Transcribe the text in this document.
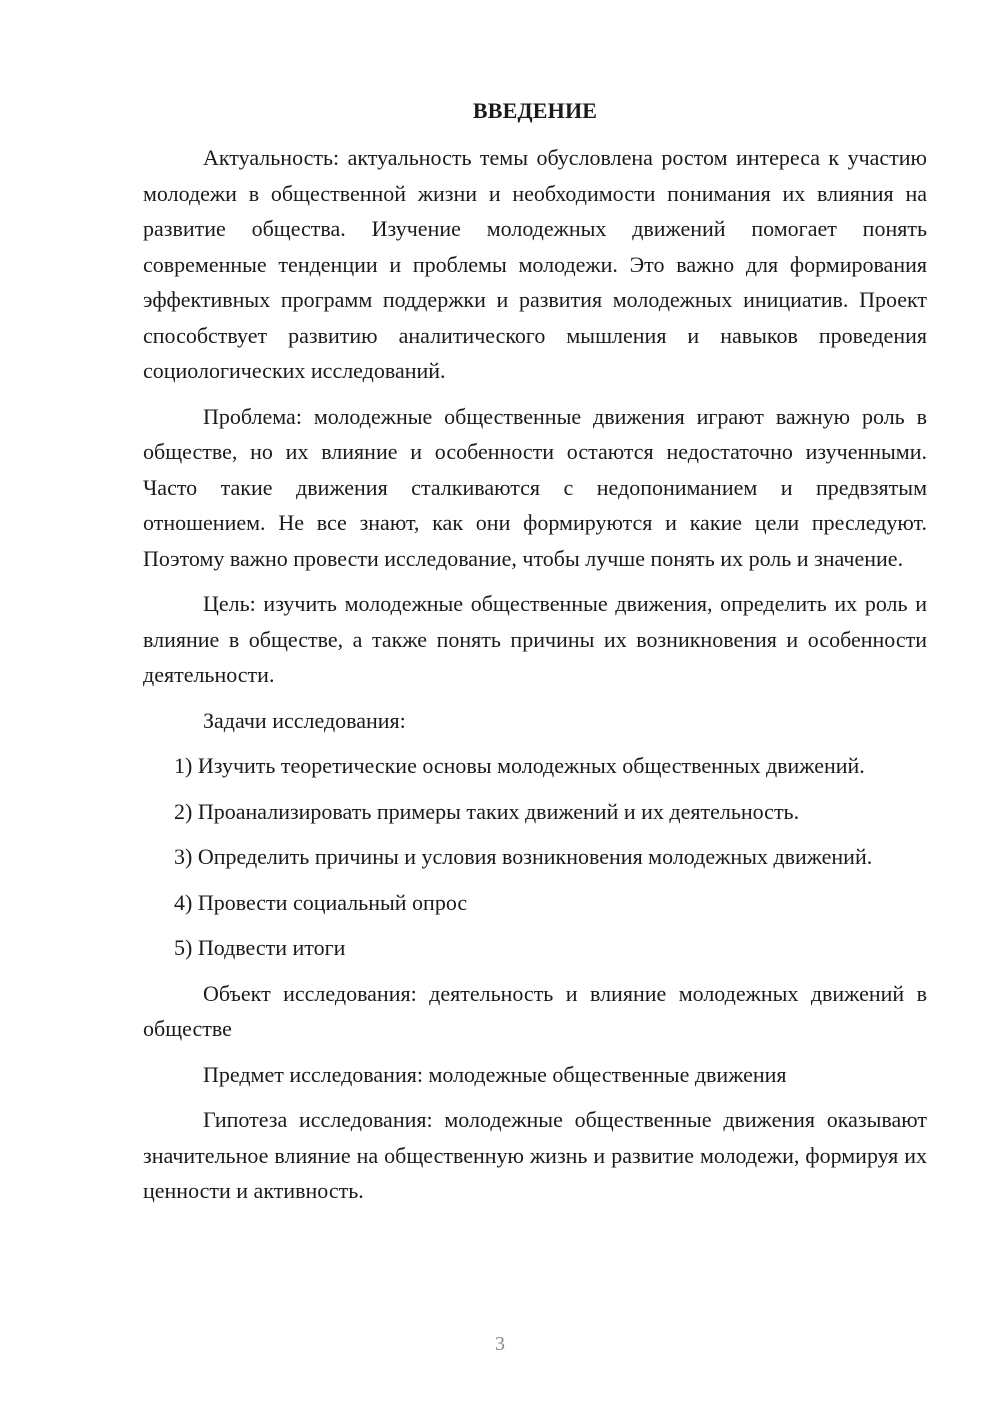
ВВЕДЕНИЕ

Актуальность: актуальность темы обусловлена ростом интереса к участию молодежи в общественной жизни и необходимости понимания их влияния на развитие общества. Изучение молодежных движений помогает понять современные тенденции и проблемы молодежи. Это важно для формирования эффективных программ поддержки и развития молодежных инициатив. Проект способствует развитию аналитического мышления и навыков проведения социологических исследований.

Проблема: молодежные общественные движения играют важную роль в обществе, но их влияние и особенности остаются недостаточно изученными. Часто такие движения сталкиваются с недопониманием и предвзятым отношением. Не все знают, как они формируются и какие цели преследуют. Поэтому важно провести исследование, чтобы лучше понять их роль и значение.

Цель: изучить молодежные общественные движения, определить их роль и влияние в обществе, а также понять причины их возникновения и особенности деятельности.

Задачи исследования:

1) Изучить теоретические основы молодежных общественных движений.

2) Проанализировать примеры таких движений и их деятельность.

3) Определить причины и условия возникновения молодежных движений.

4) Провести социальный опрос

5) Подвести итоги

Объект исследования: деятельность и влияние молодежных движений в обществе

Предмет исследования: молодежные общественные движения

Гипотеза исследования: молодежные общественные движения оказывают значительное влияние на общественную жизнь и развитие молодежи, формируя их ценности и активность.

3
